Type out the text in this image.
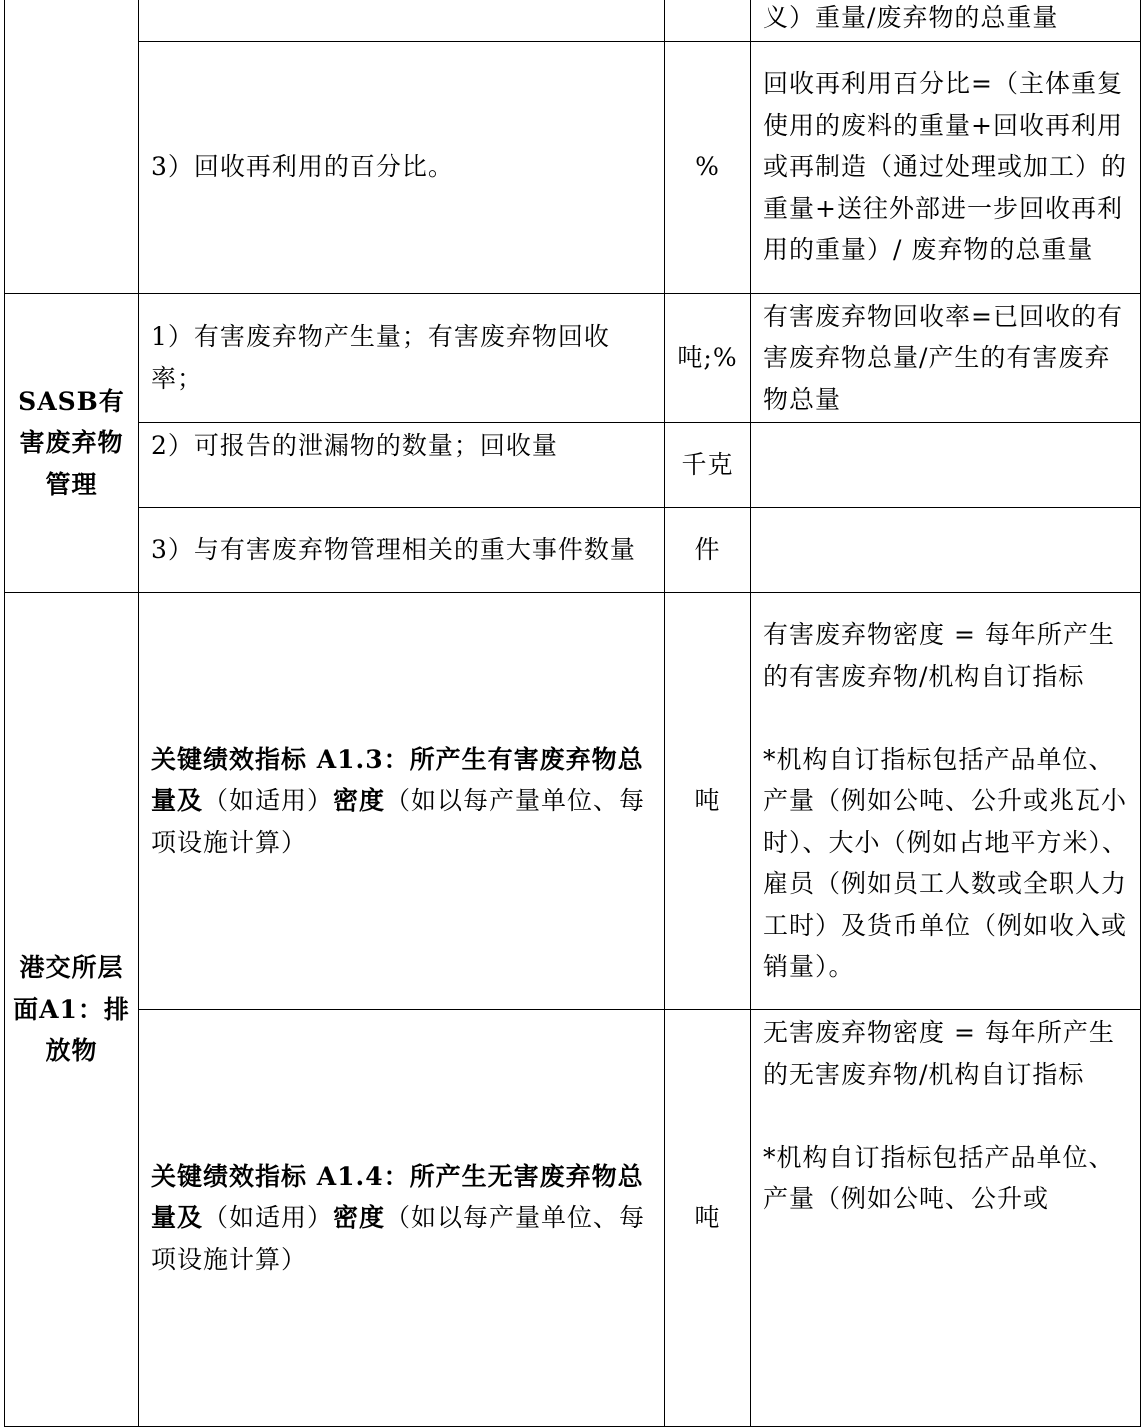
			义）重量/废弃物的总重量
	3）回收再利用的百分比。	%	回收再利用百分比=（主体重复使用的废料的重量+回收再利用或再制造（通过处理或加工）的重量+送往外部进一步回收再利用的重量）/ 废弃物的总重量
SASB有害废弃物管理	1）有害废弃物产生量；有害废弃物回收率；	吨;%	有害废弃物回收率=已回收的有害废弃物总量/产生的有害废弃物总量
	2）可报告的泄漏物的数量；回收量	千克	
	3）与有害废弃物管理相关的重大事件数量	件	
港交所层面A1：排放物	关键绩效指标 A1.3：所产生有害废弃物总量及（如适用）密度（如以每产量单位、每项设施计算）	吨	有害废弃物密度 = 每年所产生的有害废弃物/机构自订指标
*机构自订指标包括产品单位、产量（例如公吨、公升或兆瓦小时）、大小（例如占地平方米）、雇员（例如员工人数或全职人力工时）及货币单位（例如收入或销量）。

	关键绩效指标 A1.4：所产生无害废弃物总量及（如适用）密度（如以每产量单位、每项设施计算）	吨	无害废弃物密度 = 每年所产生的无害废弃物/机构自订指标
*机构自订指标包括产品单位、产量（例如公吨、公升或
